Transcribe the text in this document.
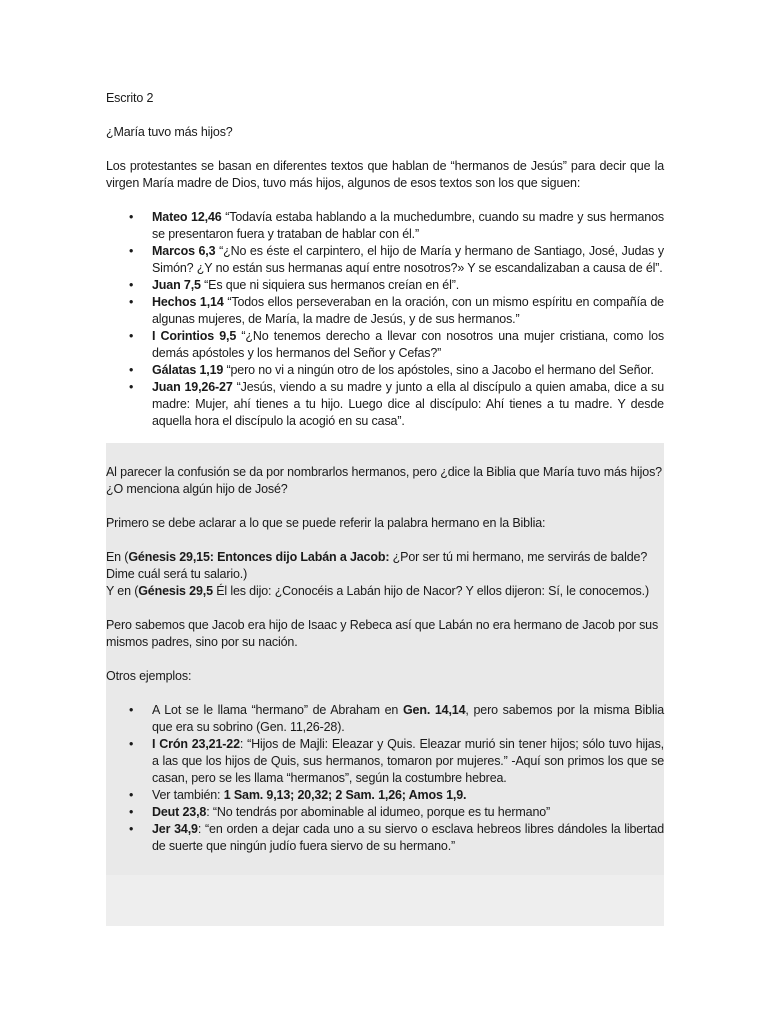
Escrito 2

¿María tuvo más hijos?

Los protestantes se basan en diferentes textos que hablan de “hermanos de Jesús” para decir que la virgen María madre de Dios, tuvo más hijos, algunos de esos textos son los que siguen:

• Mateo 12,46 “Todavía estaba hablando a la muchedumbre, cuando su madre y sus hermanos se presentaron fuera y trataban de hablar con él.”
• Marcos 6,3 “¿No es éste el carpintero, el hijo de María y hermano de Santiago, José, Judas y Simón? ¿Y no están sus hermanas aquí entre nosotros?» Y se escandalizaban a causa de él”.
• Juan 7,5 “Es que ni siquiera sus hermanos creían en él”.
• Hechos 1,14 “Todos ellos perseveraban en la oración, con un mismo espíritu en compañía de algunas mujeres, de María, la madre de Jesús, y de sus hermanos.”
• I Corintios 9,5 “¿No tenemos derecho a llevar con nosotros una mujer cristiana, como los demás apóstoles y los hermanos del Señor y Cefas?”
• Gálatas 1,19 “pero no vi a ningún otro de los apóstoles, sino a Jacobo el hermano del Señor.
• Juan 19,26-27 “Jesús, viendo a su madre y junto a ella al discípulo a quien amaba, dice a su madre: Mujer, ahí tienes a tu hijo. Luego dice al discípulo: Ahí tienes a tu madre. Y desde aquella hora el discípulo la acogió en su casa”.

Al parecer la confusión se da por nombrarlos hermanos, pero ¿dice la Biblia que María tuvo más hijos? ¿O menciona algún hijo de José?

Primero se debe aclarar a lo que se puede referir la palabra hermano en la Biblia:

En (Génesis 29,15: Entonces dijo Labán a Jacob: ¿Por ser tú mi hermano, me servirás de balde? Dime cuál será tu salario.)

Y en (Génesis 29,5 Él les dijo: ¿Conocéis a Labán hijo de Nacor? Y ellos dijeron: Sí, le conocemos.)

Pero sabemos que Jacob era hijo de Isaac y Rebeca así que Labán no era hermano de Jacob por sus mismos padres, sino por su nación.

Otros ejemplos:

• A Lot se le llama “hermano” de Abraham en Gen. 14,14, pero sabemos por la misma Biblia que era su sobrino (Gen. 11,26-28).
• I Crón 23,21-22: “Hijos de Majli: Eleazar y Quis. Eleazar murió sin tener hijos; sólo tuvo hijas, a las que los hijos de Quis, sus hermanos, tomaron por mujeres.” -Aquí son primos los que se casan, pero se les llama “hermanos”, según la costumbre hebrea.
• Ver también: 1 Sam. 9,13; 20,32; 2 Sam. 1,26; Amos 1,9.
• Deut 23,8: “No tendrás por abominable al idumeo, porque es tu hermano”
• Jer 34,9: “en orden a dejar cada uno a su siervo o esclava hebreos libres dándoles la libertad de suerte que ningún judío fuera siervo de su hermano.”
